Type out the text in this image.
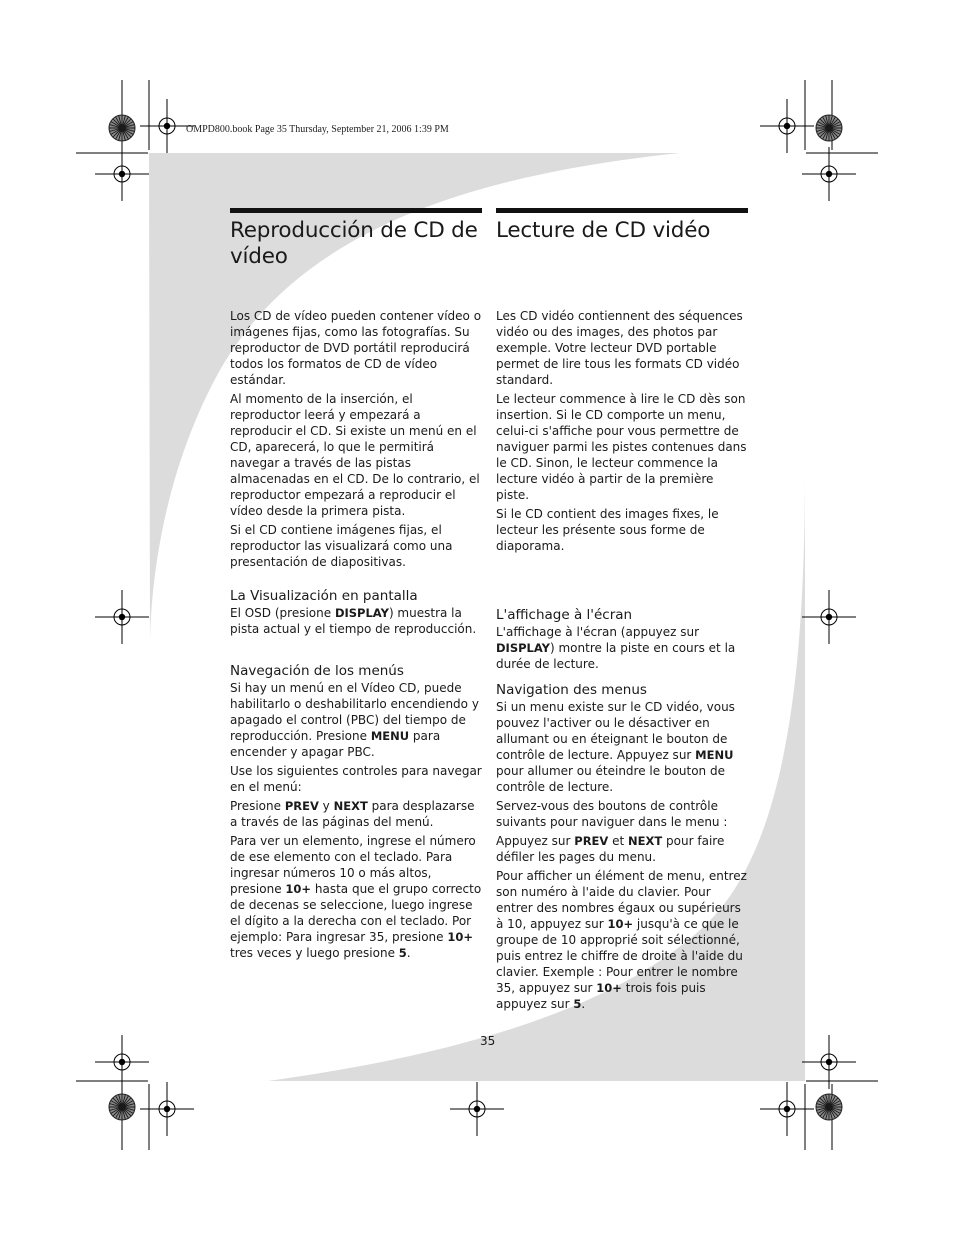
OMPD800.book Page 35 Thursday, September 21, 2006 1:39 PM
Reproducción de CD de vídeo

Los CD de vídeo pueden contener vídeo o imágenes fijas, como las fotografías. Su reproductor de DVD portátil reproducirá todos los formatos de CD de vídeo estándar.

Al momento de la inserción, el reproductor leerá y empezará a reproducir el CD. Si existe un menú en el CD, aparecerá, lo que le permitirá navegar a través de las pistas almacenadas en el CD. De lo contrario, el reproductor empezará a reproducir el vídeo desde la primera pista.

Si el CD contiene imágenes fijas, el reproductor las visualizará como una presentación de diapositivas.

La Visualización en pantalla

El OSD (presione DISPLAY) muestra la pista actual y el tiempo de reproducción.

Navegación de los menús

Si hay un menú en el Vídeo CD, puede habilitarlo o deshabilitarlo encendiendo y apagado el control (PBC) del tiempo de reproducción. Presione MENU para encender y apagar PBC.

Use los siguientes controles para navegar en el menú:

Presione PREV y NEXT para desplazarse a través de las páginas del menú.

Para ver un elemento, ingrese el número de ese elemento con el teclado. Para ingresar números 10 o más altos, presione 10+ hasta que el grupo correcto de decenas se seleccione, luego ingrese el dígito a la derecha con el teclado. Por ejemplo: Para ingresar 35, presione 10+ tres veces y luego presione 5.

Lecture de CD vidéo

Les CD vidéo contiennent des séquences vidéo ou des images, des photos par exemple. Votre lecteur DVD portable permet de lire tous les formats CD vidéo standard.

Le lecteur commence à lire le CD dès son insertion. Si le CD comporte un menu, celui-ci s'affiche pour vous permettre de naviguer parmi les pistes contenues dans le CD. Sinon, le lecteur commence la lecture vidéo à partir de la première piste.

Si le CD contient des images fixes, le lecteur les présente sous forme de diaporama.

L'affichage à l'écran

L'affichage à l'écran (appuyez sur DISPLAY) montre la piste en cours et la durée de lecture.

Navigation des menus

Si un menu existe sur le CD vidéo, vous pouvez l'activer ou le désactiver en allumant ou en éteignant le bouton de contrôle de lecture. Appuyez sur MENU pour allumer ou éteindre le bouton de contrôle de lecture.

Servez-vous des boutons de contrôle suivants pour naviguer dans le menu :

Appuyez sur PREV et NEXT pour faire défiler les pages du menu.

Pour afficher un élément de menu, entrez son numéro à l'aide du clavier. Pour entrer des nombres égaux ou supérieurs à 10, appuyez sur 10+ jusqu'à ce que le groupe de 10 approprié soit sélectionné, puis entrez le chiffre de droite à l'aide du clavier. Exemple : Pour entrer le nombre 35, appuyez sur 10+ trois fois puis appuyez sur 5.

35
